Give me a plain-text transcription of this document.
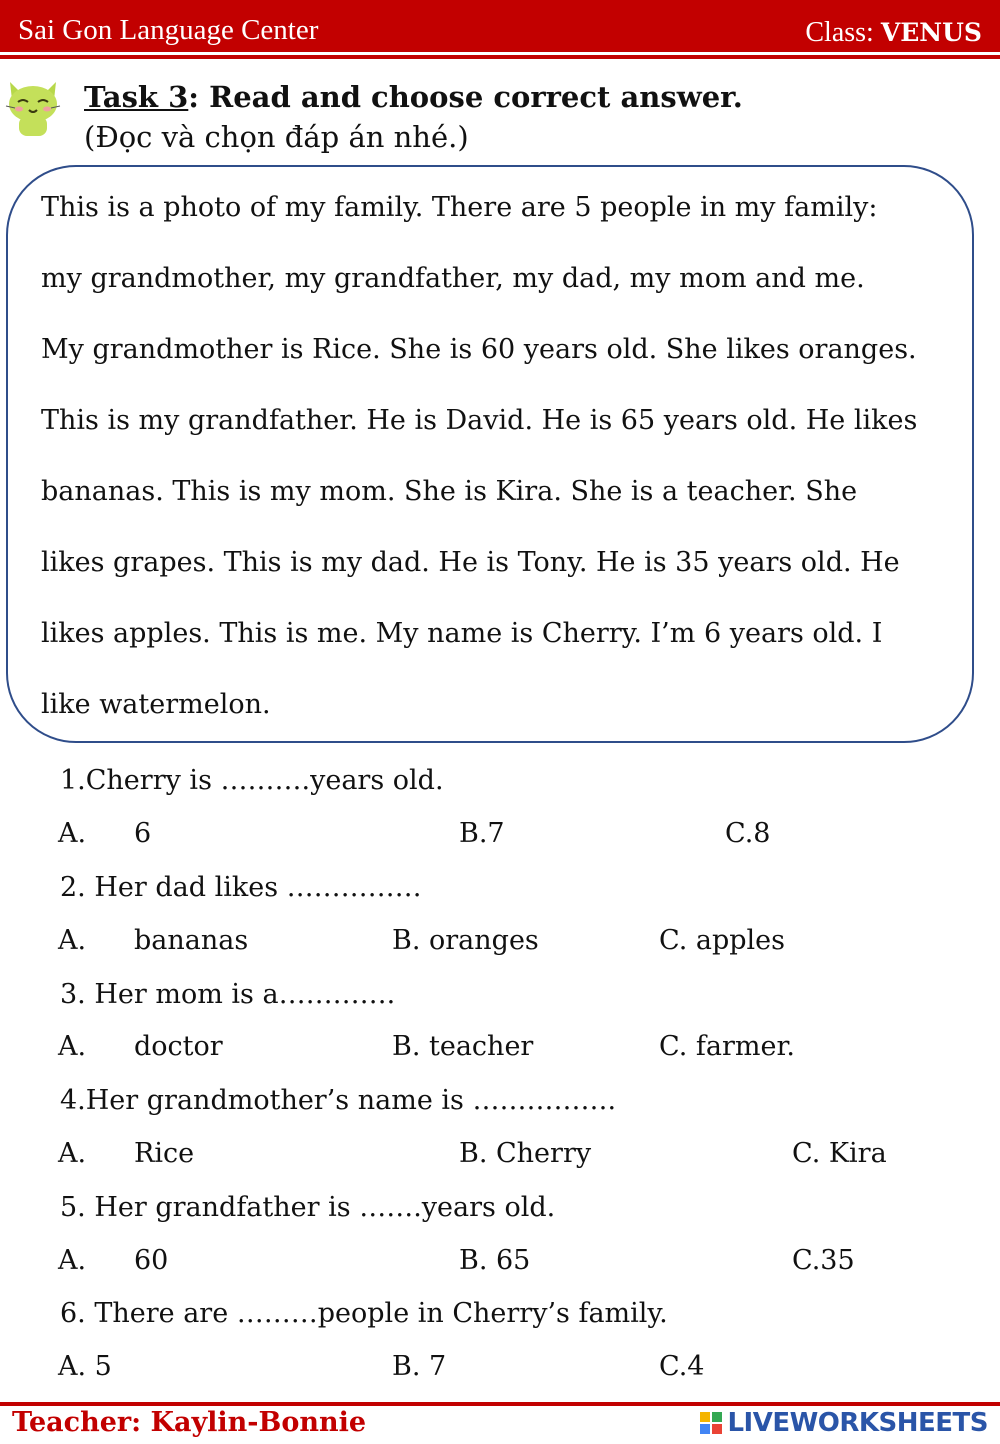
Sai Gon Language Center	Class: VENUS
Task 3: Read and choose correct answer.
(Đọc và chọn đáp án nhé.)
This is a photo of my family. There are 5 people in my family:
my grandmother, my grandfather, my dad, my mom and me.
My grandmother is Rice. She is 60 years old. She likes oranges.
This is my grandfather. He is David. He is 65 years old. He likes
bananas. This is my mom. She is Kira. She is a teacher. She
likes grapes. This is my dad. He is Tony. He is 35 years old. He
likes apples. This is me. My name is Cherry. I’m 6 years old. I
like watermelon.
1.Cherry is ……….years old.
A. 6	B.7	C.8
2. Her dad likes ……………
A. bananas	B. oranges	C. apples
3. Her mom is a………….
A. doctor	B. teacher	C. farmer.
4.Her grandmother’s name is …………….
A. Rice	B. Cherry	C. Kira
5. Her grandfather is …….years old.
A. 60	B. 65	C.35
6. There are ………people in Cherry’s family.
A. 5	B. 7	C.4
Teacher: Kaylin-Bonnie	LIVEWORKSHEETS
